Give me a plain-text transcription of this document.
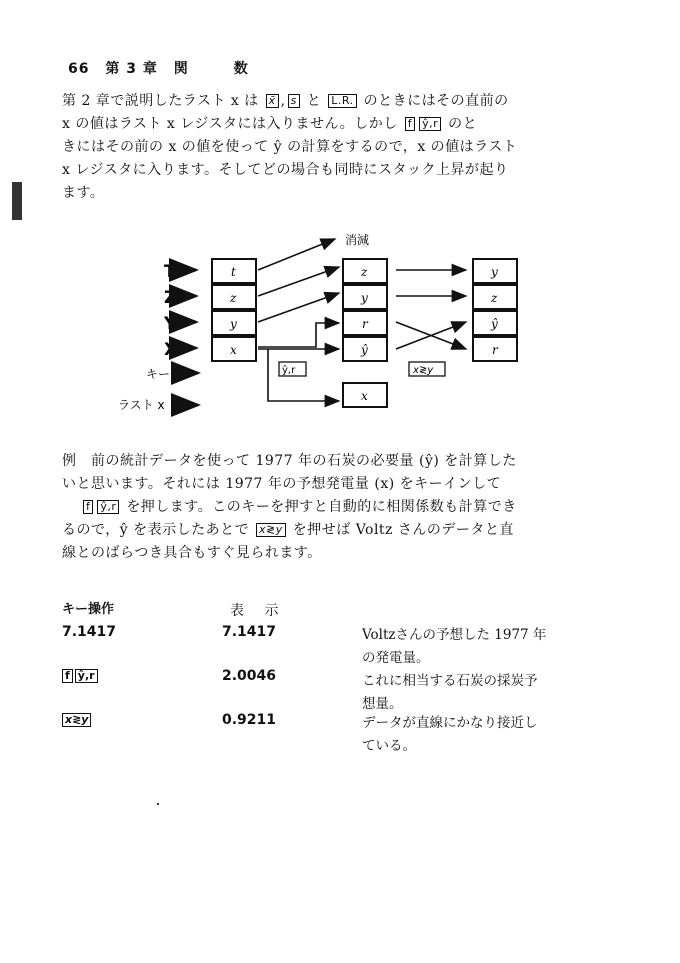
66 第 3 章 関　　　数
第 2 章で説明したラスト x は x̄ , s と L.R. のときにはその直前の
x の値はラスト x レジスタには入りません。しかし f ŷ,r のと
きにはその前の x の値を使って ŷ の計算をするので，x の値はラスト
x レジスタに入ります。そしてどの場合も同時にスタック上昇が起り
ます。
消減
T
Z
Y
X
キー
ラスト x
t
z
y
x
z
y
r
ŷ
y
z
ŷ
r
x
ŷ,r	x≷y
例　前の統計データを使って 1977 年の石炭の必要量 (ŷ) を計算した
いと思います。それには 1977 年の予想発電量 (x) をキーインして
f ŷ,r を押します。このキーを押すと自動的に相関係数も計算でき
るので，ŷ を表示したあとで x≷y を押せば Voltz さんのデータと直
線とのばらつき具合もすぐ見られます。
キー操作	表 示
7.1417	7.1417	Voltzさんの予想した 1977 年
の発電量。
f ŷ,r	2.0046	これに相当する石炭の採炭予
想量。
x≷y	0.9211	データが直線にかなり接近し
ている。
